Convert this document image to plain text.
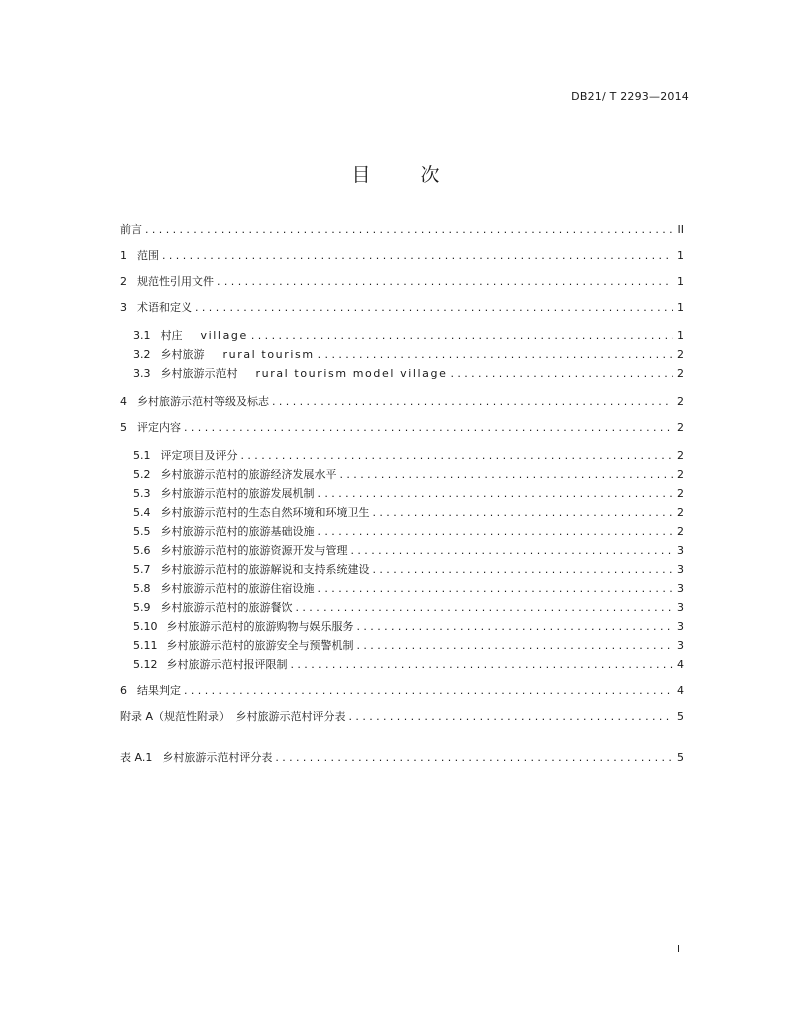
DB21/ T 2293—2014
目 次
前言 .....	II
1 范围 .....	1
2 规范性引用文件 .....	1
3 术语和定义 .....	1
3.1 村庄 village .....	1
3.2 乡村旅游 rural tourism .....	2
3.3 乡村旅游示范村 rural tourism model village .....	2
4 乡村旅游示范村等级及标志 .....	2
5 评定内容 .....	2
5.1 评定项目及评分 .....	2
5.2 乡村旅游示范村的旅游经济发展水平 .....	2
5.3 乡村旅游示范村的旅游发展机制 .....	2
5.4 乡村旅游示范村的生态自然环境和环境卫生 .....	2
5.5 乡村旅游示范村的旅游基础设施 .....	2
5.6 乡村旅游示范村的旅游资源开发与管理 .....	3
5.7 乡村旅游示范村的旅游解说和支持系统建设 .....	3
5.8 乡村旅游示范村的旅游住宿设施 .....	3
5.9 乡村旅游示范村的旅游餐饮 .....	3
5.10 乡村旅游示范村的旅游购物与娱乐服务 .....	3
5.11 乡村旅游示范村的旅游安全与预警机制 .....	3
5.12 乡村旅游示范村报评限制 .....	4
6 结果判定 .....	4
附录 A（规范性附录）　乡村旅游示范村评分表 .....	5
表 A.1 乡村旅游示范村评分表 .....	5
I
